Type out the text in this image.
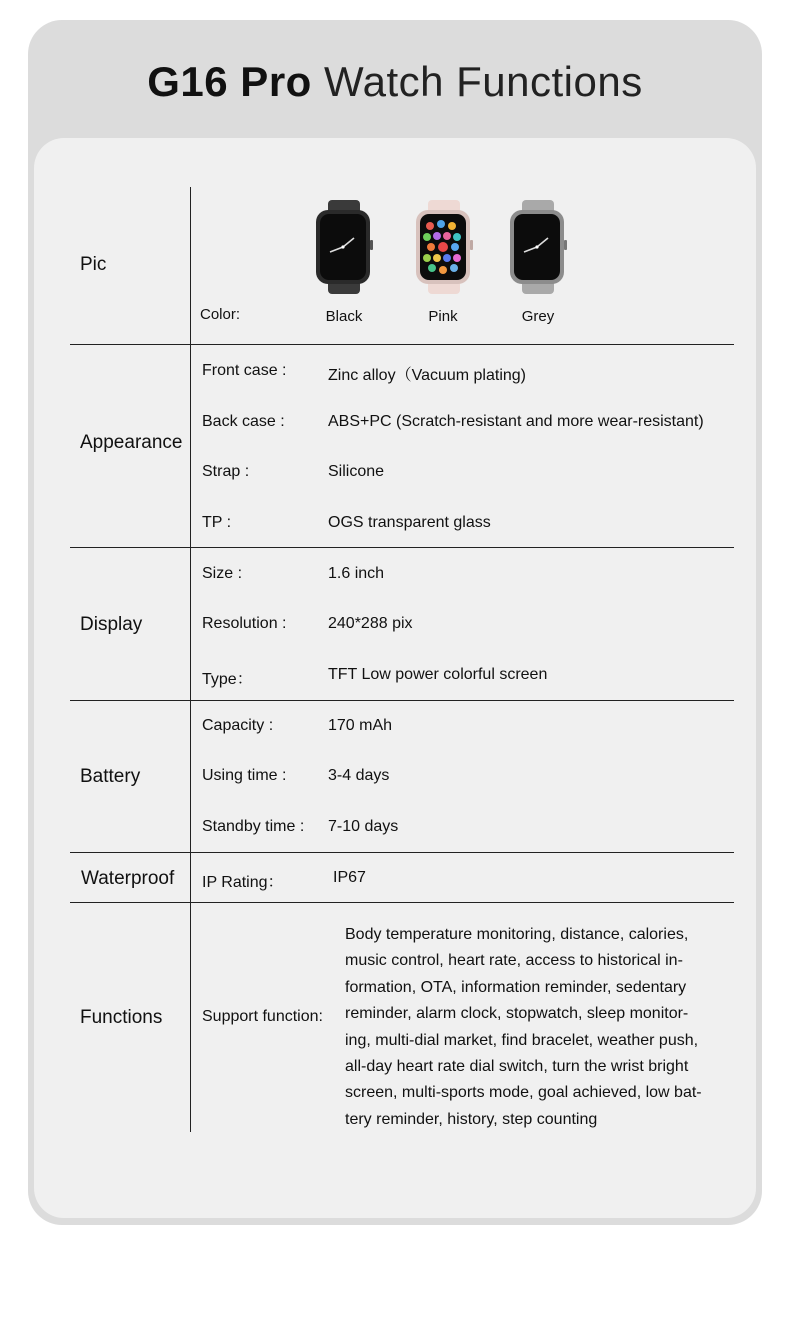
G16 Pro Watch Functions
Pic
Color:	Black	Pink	Grey
Appearance
Front case :	Zinc alloy（Vacuum plating)
Back case :	ABS+PC (Scratch-resistant and more wear-resistant)
Strap :	Silicone
TP :	OGS transparent glass
Display
Size :	1.6 inch
Resolution :	240*288 pix
Type：	TFT Low power colorful screen
Battery
Capacity :	170 mAh
Using time :	3-4 days
Standby time : 7-10 days
Waterproof IP Rating：	IP67
Functions Support function:
Body temperature monitoring, distance, calories,
music control, heart rate, access to historical in-
formation, OTA, information reminder, sedentary
reminder, alarm clock, stopwatch, sleep monitor-
ing, multi-dial market, find bracelet, weather push,
all-day heart rate dial switch, turn the wrist bright
screen, multi-sports mode, goal achieved, low bat-
tery reminder, history, step counting
